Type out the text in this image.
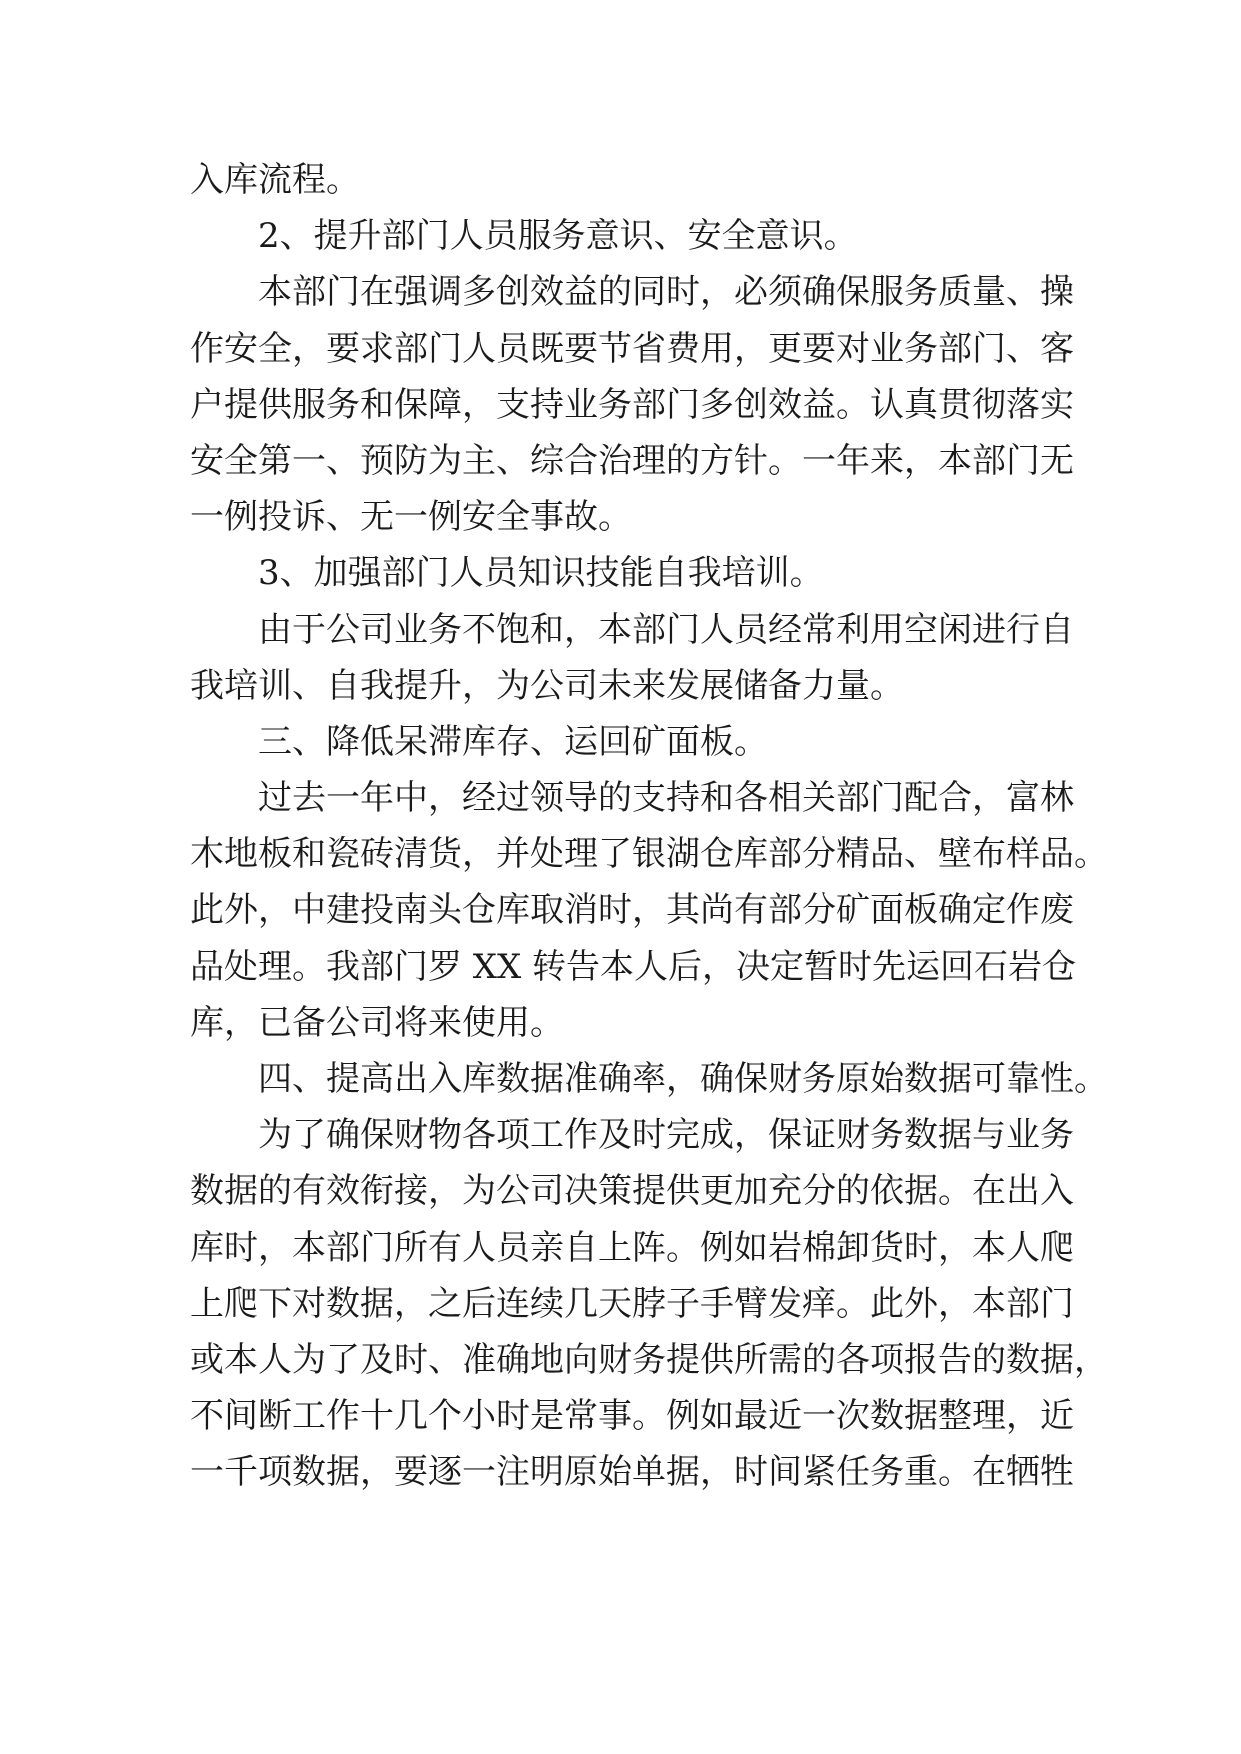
入库流程。
2、提升部门人员服务意识、安全意识。
本部门在强调多创效益的同时，必须确保服务质量、操
作安全，要求部门人员既要节省费用，更要对业务部门、客
户提供服务和保障，支持业务部门多创效益。认真贯彻落实
安全第一、预防为主、综合治理的方针。一年来，本部门无
一例投诉、无一例安全事故。
3、加强部门人员知识技能自我培训。
由于公司业务不饱和，本部门人员经常利用空闲进行自
我培训、自我提升，为公司未来发展储备力量。
三、降低呆滞库存、运回矿面板。
过去一年中，经过领导的支持和各相关部门配合，富林
木地板和瓷砖清货，并处理了银湖仓库部分精品、壁布样品。
此外，中建投南头仓库取消时，其尚有部分矿面板确定作废
品处理。我部门罗 XX 转告本人后，决定暂时先运回石岩仓
库，已备公司将来使用。
四、提高出入库数据准确率，确保财务原始数据可靠性。
为了确保财物各项工作及时完成，保证财务数据与业务
数据的有效衔接，为公司决策提供更加充分的依据。在出入
库时，本部门所有人员亲自上阵。例如岩棉卸货时，本人爬
上爬下对数据，之后连续几天脖子手臂发痒。此外，本部门
或本人为了及时、准确地向财务提供所需的各项报告的数据，
不间断工作十几个小时是常事。例如最近一次数据整理，近
一千项数据，要逐一注明原始单据，时间紧任务重。在牺牲
